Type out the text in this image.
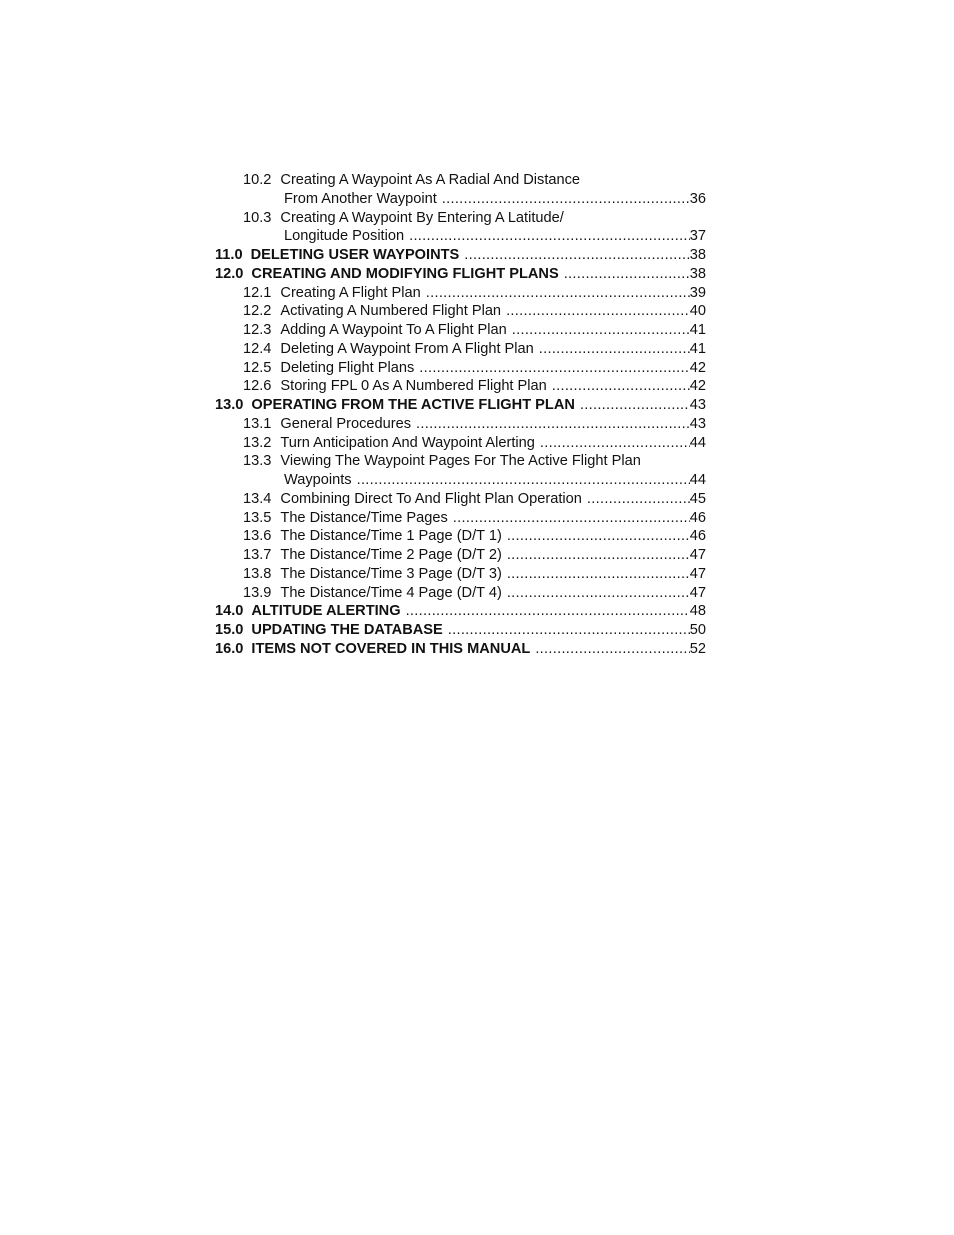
10.2 Creating A Waypoint As A Radial And Distance
From Another Waypoint .....	36
10.3 Creating A Waypoint By Entering A Latitude/
Longitude Position .....	37
11.0 DELETING USER WAYPOINTS .....	38
12.0 CREATING AND MODIFYING FLIGHT PLANS .....	38
12.1 Creating A Flight Plan .....	39
12.2 Activating A Numbered Flight Plan .....	40
12.3 Adding A Waypoint To A Flight Plan .....	41
12.4 Deleting A Waypoint From A Flight Plan .....	41
12.5 Deleting Flight Plans .....	42
12.6 Storing FPL 0 As A Numbered Flight Plan .....	42
13.0 OPERATING FROM THE ACTIVE FLIGHT PLAN .....	43
13.1 General Procedures .....	43
13.2 Turn Anticipation And Waypoint Alerting .....	44
13.3 Viewing The Waypoint Pages For The Active Flight Plan
Waypoints .....	44
13.4 Combining Direct To And Flight Plan Operation .....	45
13.5 The Distance/Time Pages .....	46
13.6 The Distance/Time 1 Page (D/T 1) .....	46
13.7 The Distance/Time 2 Page (D/T 2) .....	47
13.8 The Distance/Time 3 Page (D/T 3) .....	47
13.9 The Distance/Time 4 Page (D/T 4) .....	47
14.0 ALTITUDE ALERTING .....	48
15.0 UPDATING THE DATABASE .....	50
16.0 ITEMS NOT COVERED IN THIS MANUAL .....	52
